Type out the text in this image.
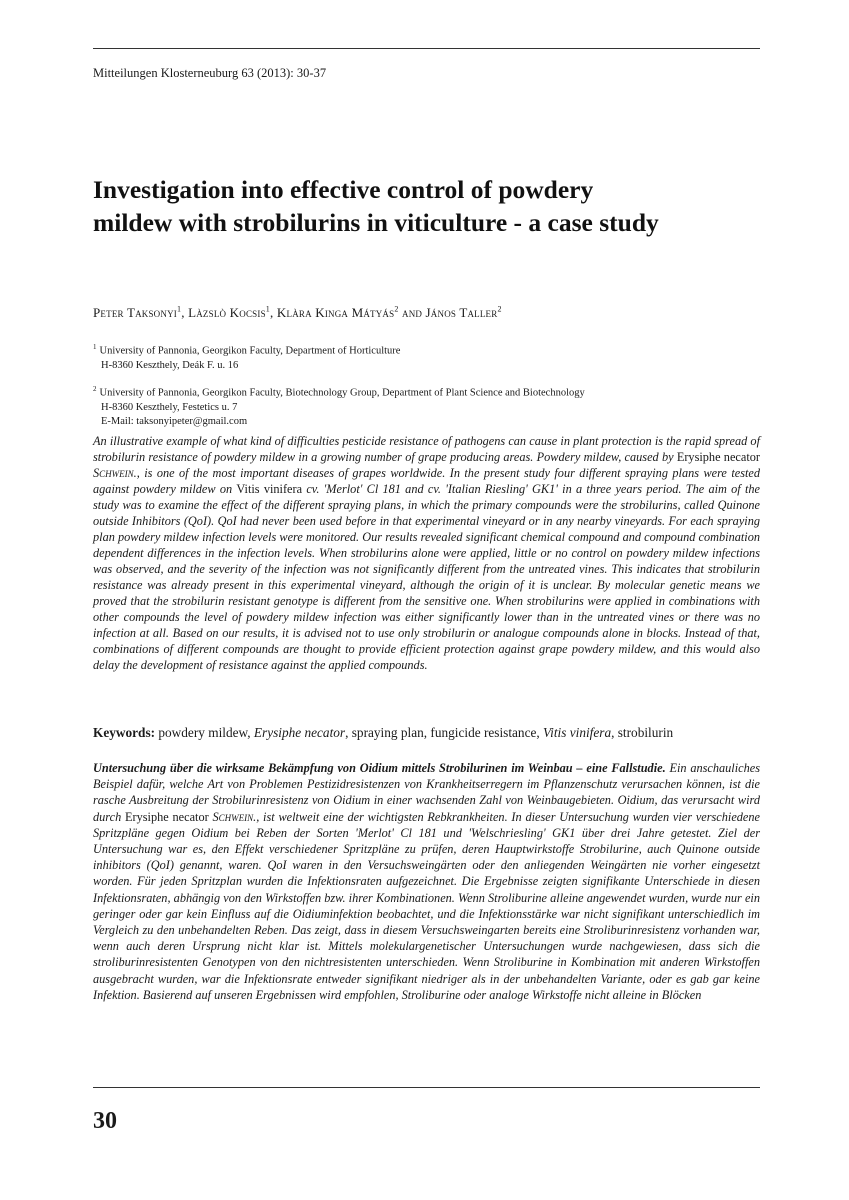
Mitteilungen Klosterneuburg 63 (2013): 30-37
Investigation into effective control of powdery
mildew with strobilurins in viticulture - a case study
Peter Taksonyi$^1$, Làzslò Kocsis$^1$, Klàra Kinga Mátyás$^2$ and János Taller$^2$
$^1$ University of Pannonia, Georgikon Faculty, Department of Horticulture
H-8360 Keszthely, Deák F. u. 16
$^2$ University of Pannonia, Georgikon Faculty, Biotechnology Group, Department of Plant Science and Biotechnology
H-8360 Keszthely, Festetics u. 7
E-Mail: taksonyipeter@gmail.com

An illustrative example of what kind of difficulties pesticide resistance of pathogens can cause in plant protection is the rapid spread of strobilurin resistance of powdery mildew in a growing number of grape producing areas. Powdery mildew, caused by Erysiphe necator Schwein., is one of the most important diseases of grapes worldwide. In the present study four different spraying plans were tested against powdery mildew on Vitis vinifera cv. 'Merlot' Cl 181 and cv. 'Italian Riesling' GK1' in a three years period. The aim of the study was to examine the effect of the different spraying plans, in which the primary compounds were the strobilurins, called Quinone outside Inhibitors (QoI). QoI had never been used before in that experimental vineyard or in any nearby vineyards. For each spraying plan powdery mildew infection levels were monitored. Our results revealed significant chemical compound and compound combination dependent differences in the infection levels. When strobilurins alone were applied, little or no control on powdery mildew infections was observed, and the severity of the infection was not significantly different from the untreated vines. This indicates that strobilurin resistance was already present in this experimental vineyard, although the origin of it is unclear. By molecular genetic means we proved that the strobilurin resistant genotype is different from the sensitive one. When strobilurins were applied in combinations with other compounds the level of powdery mildew infection was either significantly lower than in the untreated vines or there was no infection at all. Based on our results, it is advised not to use only strobilurin or analogue compounds alone in blocks. Instead of that, combinations of different compounds are thought to provide efficient protection against grape powdery mildew, and this would also delay the development of resistance against the applied compounds.

Keywords: powdery mildew, Erysiphe necator, spraying plan, fungicide resistance, Vitis vinifera, strobilurin

Untersuchung über die wirksame Bekämpfung von Oidium mittels Strobilurinen im Weinbau – eine Fallstudie. Ein anschauliches Beispiel dafür, welche Art von Problemen Pestizidresistenzen von Krankheitserregern im Pflanzenschutz verursachen können, ist die rasche Ausbreitung der Strobilurinresistenz von Oidium in einer wachsenden Zahl von Weinbaugebieten. Oidium, das verursacht wird durch Erysiphe necator Schwein., ist weltweit eine der wichtigsten Rebkrankheiten. In dieser Untersuchung wurden vier verschiedene Spritzpläne gegen Oidium bei Reben der Sorten 'Merlot' Cl 181 und 'Welschriesling' GK1 über drei Jahre getestet. Ziel der Untersuchung war es, den Effekt verschiedener Spritzpläne zu prüfen, deren Hauptwirkstoffe Strobilurine, auch Quinone outside inhibitors (QoI) genannt, waren. QoI waren in den Versuchsweingärten oder den anliegenden Weingärten nie vorher eingesetzt worden. Für jeden Spritzplan wurden die Infektionsraten aufgezeichnet. Die Ergebnisse zeigten signifikante Unterschiede in diesen Infektionsraten, abhängig von den Wirkstoffen bzw. ihrer Kombinationen. Wenn Stroliburine alleine angewendet wurden, wurde nur ein geringer oder gar kein Einfluss auf die Oidiuminfektion beobachtet, und die Infektionsstärke war nicht signifikant unterschiedlich im Vergleich zu den unbehandelten Reben. Das zeigt, dass in diesem Versuchsweingarten bereits eine Stroliburinresistenz vorhanden war, wenn auch deren Ursprung nicht klar ist. Mittels molekulargenetischer Untersuchungen wurde nachgewiesen, dass sich die stroliburinresistenten Genotypen von den nichtresistenten unterschieden. Wenn Stroliburine in Kombination mit anderen Wirkstoffen ausgebracht wurden, war die Infektionsrate entweder signifikant niedriger als in der unbehandelten Variante, oder es gab gar keine Infektion. Basierend auf unseren Ergebnissen wird empfohlen, Stroliburine oder analoge Wirkstoffe nicht alleine in Blöcken

30
